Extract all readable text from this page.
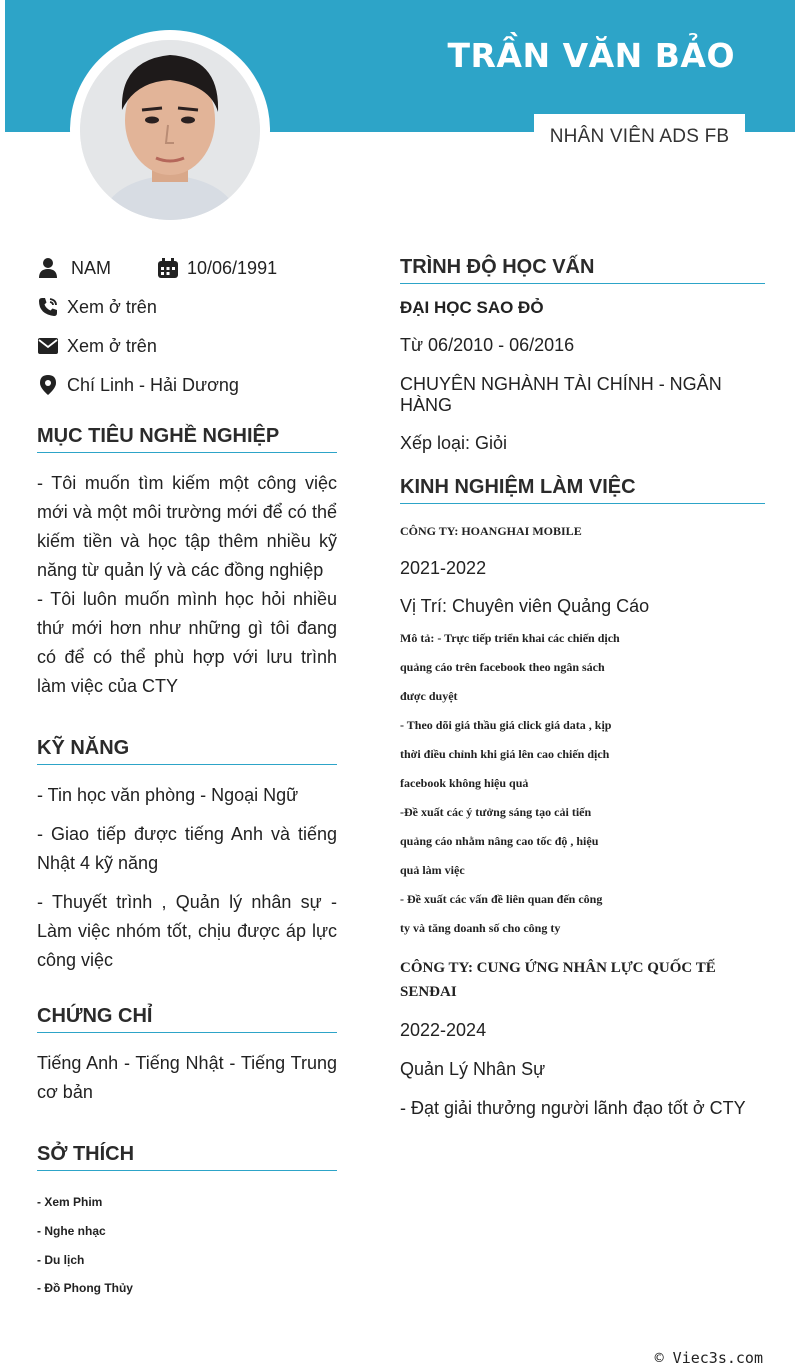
TRẦN VĂN BẢO
NHÂN VIÊN ADS FB
NAM	10/06/1991
Xem ở trên
Xem ở trên
Chí Linh - Hải Dương
MỤC TIÊU NGHỀ NGHIỆP

- Tôi muốn tìm kiếm một công việc mới và một môi trường mới để có thể kiếm tiền và học tập thêm nhiều kỹ năng từ quản lý và các đồng nghiệp
- Tôi luôn muốn mình học hỏi nhiều thứ mới hơn như những gì tôi đang có để có thể phù hợp với lưu trình làm việc của CTY

KỸ NĂNG

- Tin học văn phòng - Ngoại Ngữ

- Giao tiếp được tiếng Anh và tiếng Nhật 4 kỹ năng

- Thuyết trình , Quản lý nhân sự - Làm việc nhóm tốt, chịu được áp lực công việc

CHỨNG CHỈ

Tiếng Anh - Tiếng Nhật - Tiếng Trung cơ bản

SỞ THÍCH
- Xem Phim
- Nghe nhạc
- Du lịch
- Đồ Phong Thủy
TRÌNH ĐỘ HỌC VẤN
ĐẠI HỌC SAO ĐỎ
Từ 06/2010 - 06/2016
CHUYÊN NGHÀNH TÀI CHÍNH - NGÂN HÀNG
Xếp loại: Giỏi
KINH NGHIỆM LÀM VIỆC
CÔNG TY: HOANGHAI MOBILE
2021-2022
Vị Trí: Chuyên viên Quảng Cáo
Mô tả: - Trực tiếp triển khai các chiến dịch
quảng cáo trên facebook theo ngân sách
được duyệt
- Theo dõi giá thầu giá click giá data , kịp
thời điều chỉnh khi giá lên cao chiến dịch
facebook không hiệu quả
-Đề xuất các ý tưởng sáng tạo cải tiến
quảng cáo nhằm nâng cao tốc độ , hiệu
quả làm việc
- Đề xuất các vấn đề liên quan đến công
ty và tăng doanh số cho công ty
CÔNG TY: CUNG ỨNG NHÂN LỰC QUỐC TẾ SENĐAI
2022-2024
Quản Lý Nhân Sự
- Đạt giải thưởng người lãnh đạo tốt ở CTY
© Viec3s.com
